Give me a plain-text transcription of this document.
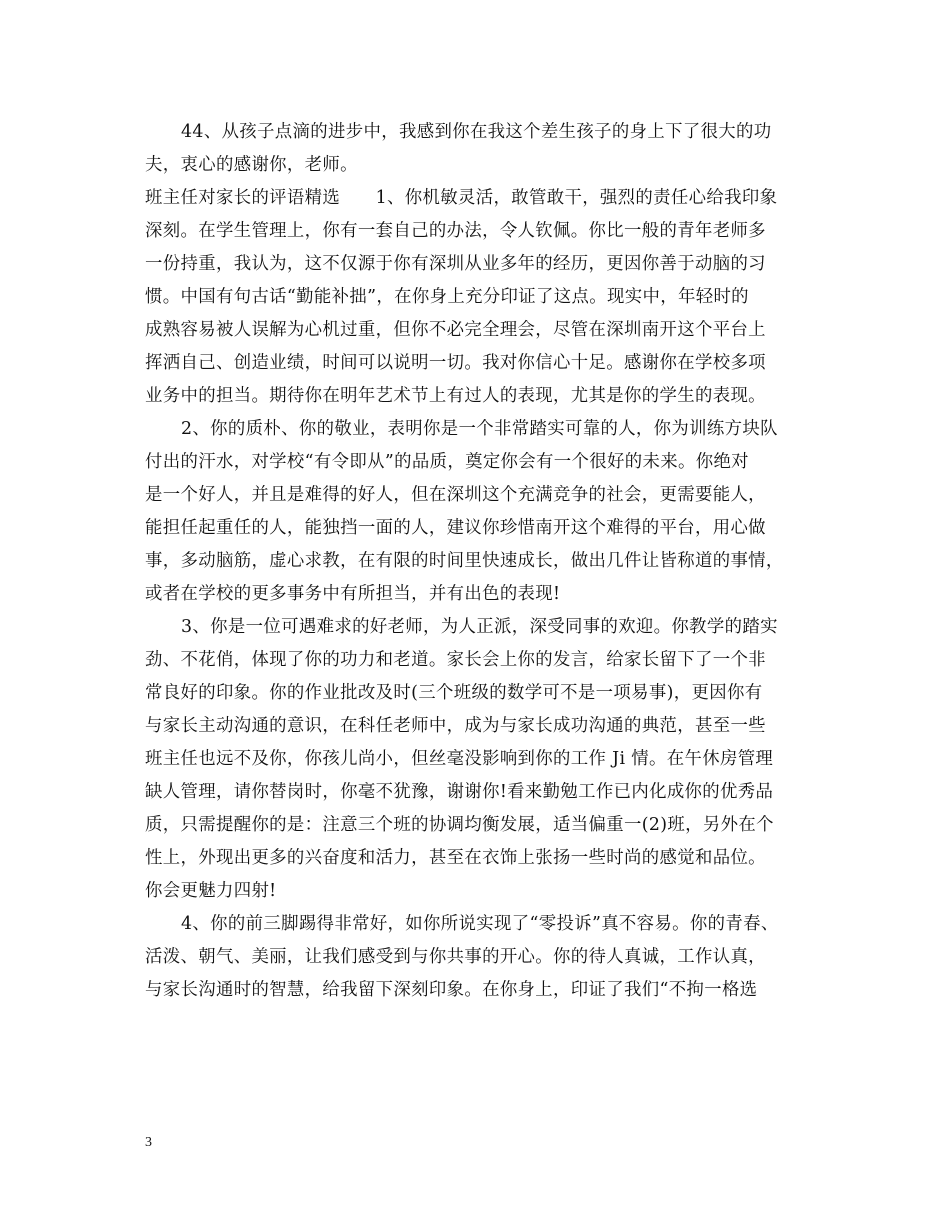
44、从孩子点滴的进步中，我感到你在我这个差生孩子的身上下了很大的功
夫，衷心的感谢你，老师。
班主任对家长的评语精选　　1、你机敏灵活，敢管敢干，强烈的责任心给我印象
深刻。在学生管理上，你有一套自己的办法，令人钦佩。你比一般的青年老师多
一份持重，我认为，这不仅源于你有深圳从业多年的经历，更因你善于动脑的习
惯。中国有句古话“勤能补拙”，在你身上充分印证了这点。现实中，年轻时的
成熟容易被人误解为心机过重，但你不必完全理会，尽管在深圳南开这个平台上
挥洒自己、创造业绩，时间可以说明一切。我对你信心十足。感谢你在学校多项
业务中的担当。期待你在明年艺术节上有过人的表现，尤其是你的学生的表现。
2、你的质朴、你的敬业，表明你是一个非常踏实可靠的人，你为训练方块队
付出的汗水，对学校“有令即从”的品质，奠定你会有一个很好的未来。你绝对
是一个好人，并且是难得的好人，但在深圳这个充满竞争的社会，更需要能人，
能担任起重任的人，能独挡一面的人，建议你珍惜南开这个难得的平台，用心做
事，多动脑筋，虚心求教，在有限的时间里快速成长，做出几件让皆称道的事情，
或者在学校的更多事务中有所担当，并有出色的表现!
3、你是一位可遇难求的好老师，为人正派，深受同事的欢迎。你教学的踏实
劲、不花俏，体现了你的功力和老道。家长会上你的发言，给家长留下了一个非
常良好的印象。你的作业批改及时(三个班级的数学可不是一项易事)，更因你有
与家长主动沟通的意识，在科任老师中，成为与家长成功沟通的典范，甚至一些
班主任也远不及你，你孩儿尚小，但丝毫没影响到你的工作 Ji 情。在午休房管理
缺人管理，请你替岗时，你毫不犹豫，谢谢你!看来勤勉工作已内化成你的优秀品
质，只需提醒你的是：注意三个班的协调均衡发展，适当偏重一(2)班，另外在个
性上，外现出更多的兴奋度和活力，甚至在衣饰上张扬一些时尚的感觉和品位。
你会更魅力四射!
4、你的前三脚踢得非常好，如你所说实现了“零投诉”真不容易。你的青春、
活泼、朝气、美丽，让我们感受到与你共事的开心。你的待人真诚，工作认真，
与家长沟通时的智慧，给我留下深刻印象。在你身上，印证了我们“不拘一格选
3
